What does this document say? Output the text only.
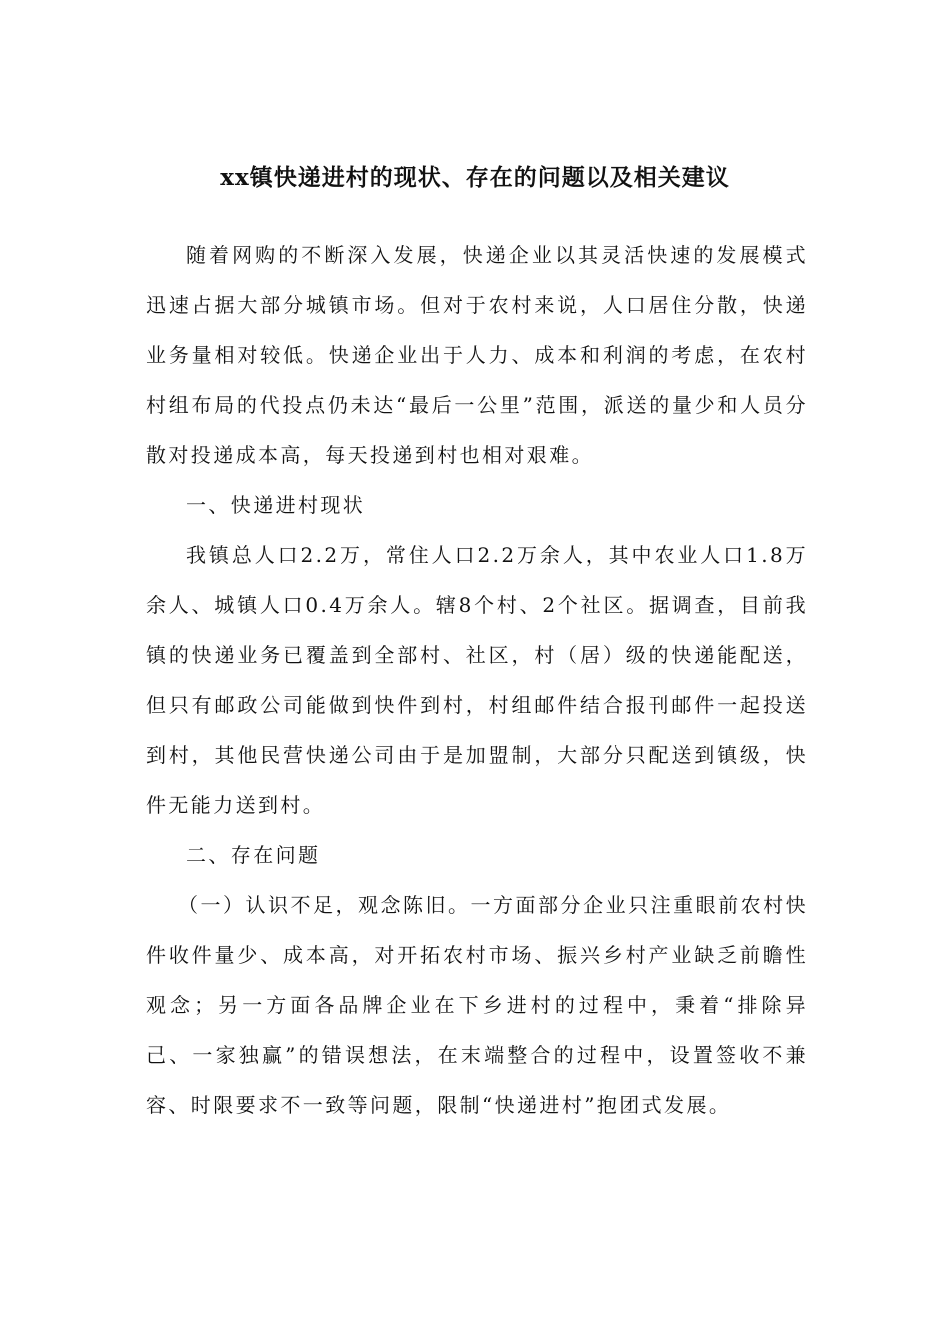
xx镇快递进村的现状、存在的问题以及相关建议

随着网购的不断深入发展，快递企业以其灵活快速的发展模式迅速占据大部分城镇市场。但对于农村来说，人口居住分散，快递业务量相对较低。快递企业出于人力、成本和利润的考虑，在农村村组布局的代投点仍未达“最后一公里”范围，派送的量少和人员分散对投递成本高，每天投递到村也相对艰难。

一、快递进村现状

我镇总人口2.2万，常住人口2.2万余人，其中农业人口1.8万余人、城镇人口0.4万余人。辖8个村、2个社区。据调查，目前我镇的快递业务已覆盖到全部村、社区，村（居）级的快递能配送，但只有邮政公司能做到快件到村，村组邮件结合报刊邮件一起投送到村，其他民营快递公司由于是加盟制，大部分只配送到镇级，快件无能力送到村。

二、存在问题

（一）认识不足，观念陈旧。一方面部分企业只注重眼前农村快件收件量少、成本高，对开拓农村市场、振兴乡村产业缺乏前瞻性观念；另一方面各品牌企业在下乡进村的过程中，秉着“排除异己、一家独赢”的错误想法，在末端整合的过程中，设置签收不兼容、时限要求不一致等问题，限制“快递进村”抱团式发展。
